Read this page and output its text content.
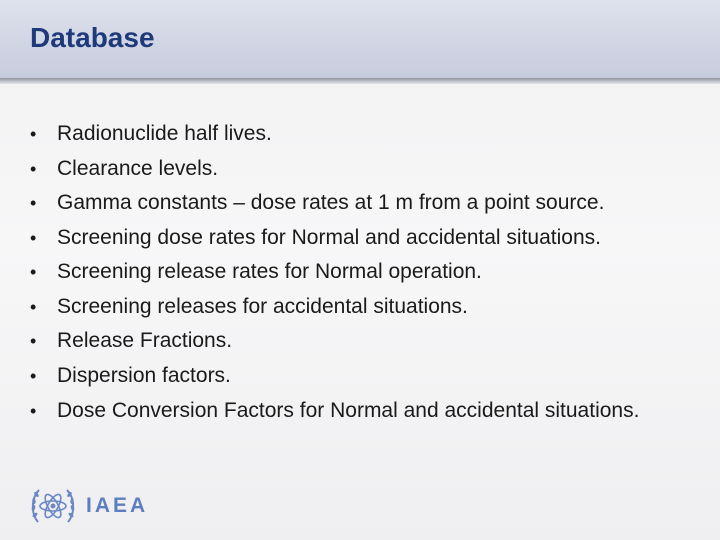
Database
• Radionuclide half lives.
• Clearance levels.
• Gamma constants – dose rates at 1 m from a point source.
• Screening dose rates for Normal and accidental situations.
• Screening release rates for Normal operation.
• Screening releases for accidental situations.
• Release Fractions.
• Dispersion factors.
• Dose Conversion Factors for Normal and accidental situations.
IAEA
